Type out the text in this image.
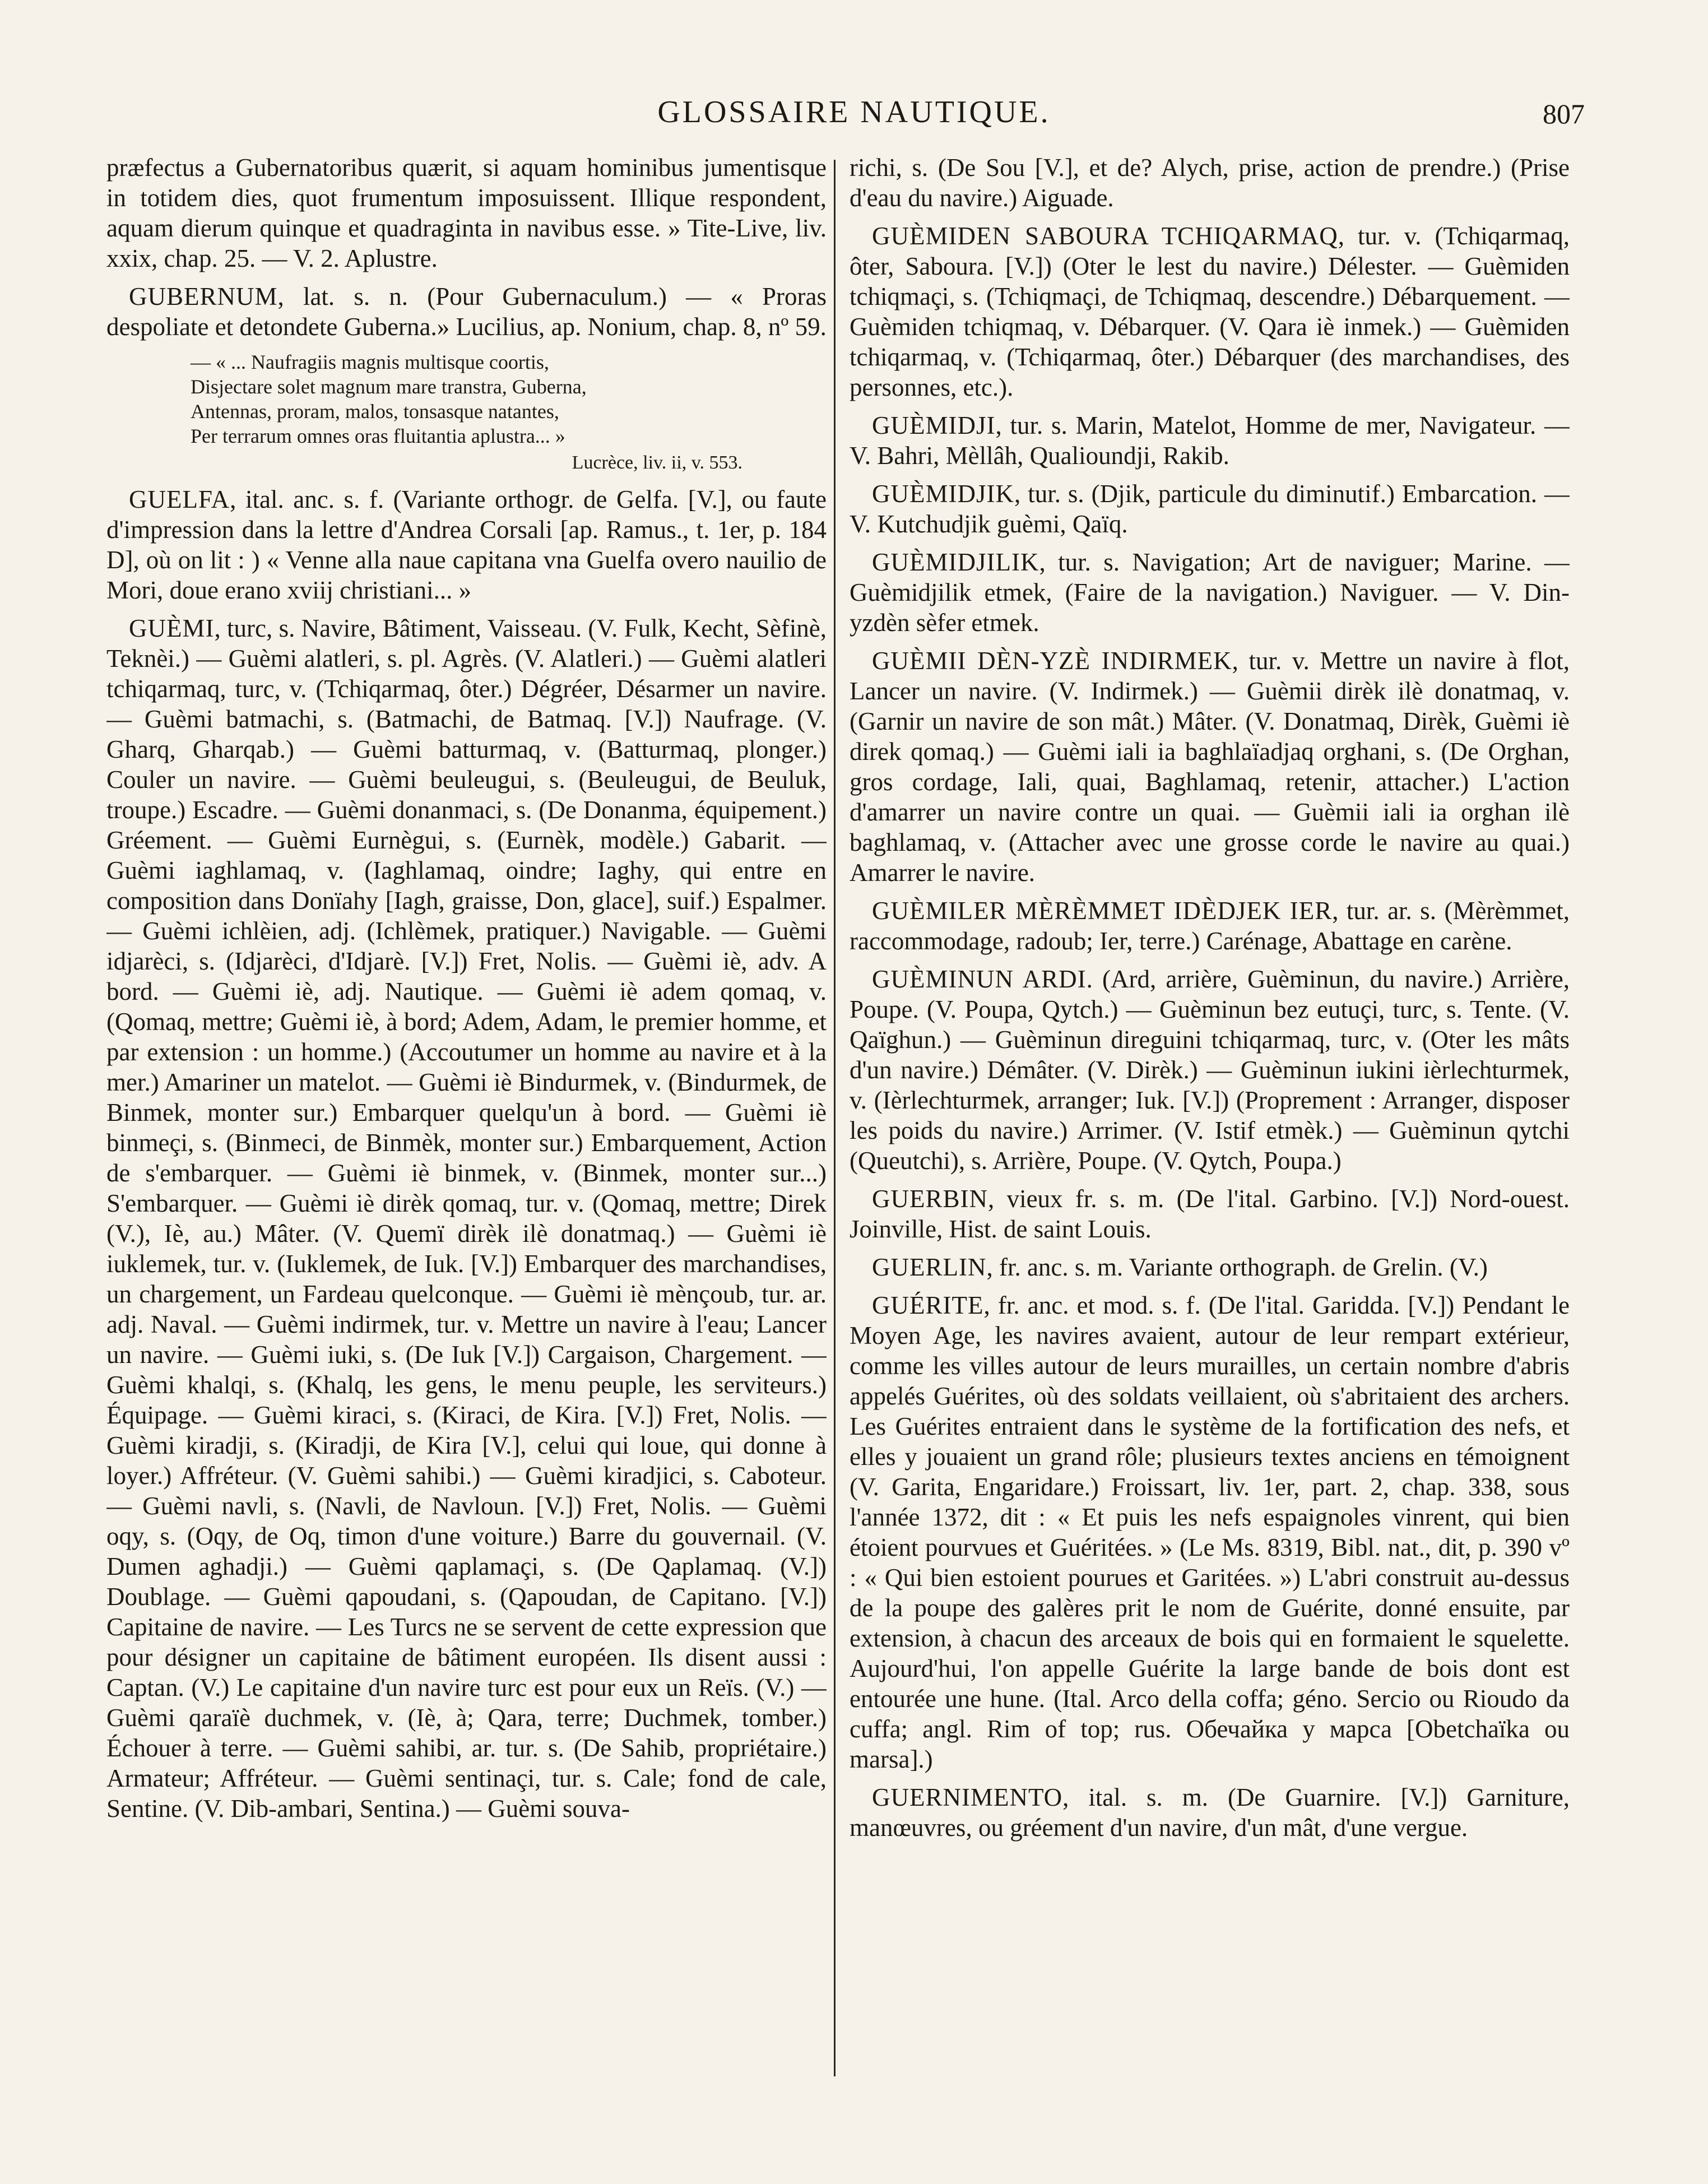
GLOSSAIRE NAUTIQUE.	807

præfectus a Gubernatoribus quærit, si aquam hominibus jumentisque in totidem dies, quot frumentum imposuissent. Illique respondent, aquam dierum quinque et quadraginta in navibus esse. » Tite-Live, liv. xxix, chap. 25. — V. 2. Aplustre.

GUBERNUM, lat. s. n. (Pour Gubernaculum.) — « Proras despoliate et detondete Guberna.» Lucilius, ap. Nonium, chap. 8, nº 59.

— « ... Naufragiis magnis multisque coortis,
Disjectare solet magnum mare transtra, Guberna,
Antennas, proram, malos, tonsasque natantes,
Per terrarum omnes oras fluitantia aplustra... »
Lucrèce, liv. ii, v. 553.

GUELFA, ital. anc. s. f. (Variante orthogr. de Gelfa. [V.], ou faute d'impression dans la lettre d'Andrea Corsali [ap. Ramus., t. 1er, p. 184 D], où on lit : ) « Venne alla naue capitana vna Guelfa overo nauilio de Mori, doue erano xviij christiani... »

GUÈMI, turc, s. Navire, Bâtiment, Vaisseau. (V. Fulk, Kecht, Sèfinè, Teknèi.) — Guèmi alatleri, s. pl. Agrès. (V. Alatleri.) — Guèmi alatleri tchiqarmaq, turc, v. (Tchiqarmaq, ôter.) Dégréer, Désarmer un navire. — Guèmi batmachi, s. (Batmachi, de Batmaq. [V.]) Naufrage. (V. Gharq, Gharqab.) — Guèmi batturmaq, v. (Batturmaq, plonger.) Couler un navire. — Guèmi beuleugui, s. (Beuleugui, de Beuluk, troupe.) Escadre. — Guèmi donanmaci, s. (De Donanma, équipement.) Gréement. — Guèmi Eurnègui, s. (Eurnèk, modèle.) Gabarit. — Guèmi iaghlamaq, v. (Iaghlamaq, oindre; Iaghy, qui entre en composition dans Donïahy [Iagh, graisse, Don, glace], suif.) Espalmer. — Guèmi ichlèien, adj. (Ichlèmek, pratiquer.) Navigable. — Guèmi idjarèci, s. (Idjarèci, d'Idjarè. [V.]) Fret, Nolis. — Guèmi iè, adv. A bord. — Guèmi iè, adj. Nautique. — Guèmi iè adem qomaq, v. (Qomaq, mettre; Guèmi iè, à bord; Adem, Adam, le premier homme, et par extension : un homme.) (Accoutumer un homme au navire et à la mer.) Amariner un matelot. — Guèmi iè Bindurmek, v. (Bindurmek, de Binmek, monter sur.) Embarquer quelqu'un à bord. — Guèmi iè binmeçi, s. (Binmeci, de Binmèk, monter sur.) Embarquement, Action de s'embarquer. — Guèmi iè binmek, v. (Binmek, monter sur...) S'embarquer. — Guèmi iè dirèk qomaq, tur. v. (Qomaq, mettre; Direk (V.), Iè, au.) Mâter. (V. Quemï dirèk ilè donatmaq.) — Guèmi iè iuklemek, tur. v. (Iuklemek, de Iuk. [V.]) Embarquer des marchandises, un chargement, un Fardeau quelconque. — Guèmi iè mènçoub, tur. ar. adj. Naval. — Guèmi indirmek, tur. v. Mettre un navire à l'eau; Lancer un navire. — Guèmi iuki, s. (De Iuk [V.]) Cargaison, Chargement. — Guèmi khalqi, s. (Khalq, les gens, le menu peuple, les serviteurs.) Équipage. — Guèmi kiraci, s. (Kiraci, de Kira. [V.]) Fret, Nolis. — Guèmi kiradji, s. (Kiradji, de Kira [V.], celui qui loue, qui donne à loyer.) Affréteur. (V. Guèmi sahibi.) — Guèmi kiradjici, s. Caboteur. — Guèmi navli, s. (Navli, de Navloun. [V.]) Fret, Nolis. — Guèmi oqy, s. (Oqy, de Oq, timon d'une voiture.) Barre du gouvernail. (V. Dumen aghadji.) — Guèmi qaplamaçi, s. (De Qaplamaq. (V.]) Doublage. — Guèmi qapoudani, s. (Qapoudan, de Capitano. [V.]) Capitaine de navire. — Les Turcs ne se servent de cette expression que pour désigner un capitaine de bâtiment européen. Ils disent aussi : Captan. (V.) Le capitaine d'un navire turc est pour eux un Reïs. (V.) — Guèmi qaraïè duchmek, v. (Iè, à; Qara, terre; Duchmek, tomber.) Échouer à terre. — Guèmi sahibi, ar. tur. s. (De Sahib, propriétaire.) Armateur; Affréteur. — Guèmi sentinaçi, tur. s. Cale; fond de cale, Sentine. (V. Dib-ambari, Sentina.) — Guèmi souva-

richi, s. (De Sou [V.], et de? Alych, prise, action de prendre.) (Prise d'eau du navire.) Aiguade.

GUÈMIDEN SABOURA TCHIQARMAQ, tur. v. (Tchiqarmaq, ôter, Saboura. [V.]) (Oter le lest du navire.) Délester. — Guèmiden tchiqmaçi, s. (Tchiqmaçi, de Tchiqmaq, descendre.) Débarquement. — Guèmiden tchiqmaq, v. Débarquer. (V. Qara iè inmek.) — Guèmiden tchiqarmaq, v. (Tchiqarmaq, ôter.) Débarquer (des marchandises, des personnes, etc.).

GUÈMIDJI, tur. s. Marin, Matelot, Homme de mer, Navigateur. — V. Bahri, Mèllâh, Qualioundji, Rakib.

GUÈMIDJIK, tur. s. (Djik, particule du diminutif.) Embarcation. — V. Kutchudjik guèmi, Qaïq.

GUÈMIDJILIK, tur. s. Navigation; Art de naviguer; Marine. — Guèmidjilik etmek, (Faire de la navigation.) Naviguer. — V. Din-yzdèn sèfer etmek.

GUÈMII DÈN-YZÈ INDIRMEK, tur. v. Mettre un navire à flot, Lancer un navire. (V. Indirmek.) — Guèmii dirèk ilè donatmaq, v. (Garnir un navire de son mât.) Mâter. (V. Donatmaq, Dirèk, Guèmi iè direk qomaq.) — Guèmi iali ia baghlaïadjaq orghani, s. (De Orghan, gros cordage, Iali, quai, Baghlamaq, retenir, attacher.) L'action d'amarrer un navire contre un quai. — Guèmii iali ia orghan ilè baghlamaq, v. (Attacher avec une grosse corde le navire au quai.) Amarrer le navire.

GUÈMILER MÈRÈMMET IDÈDJEK IER, tur. ar. s. (Mèrèmmet, raccommodage, radoub; Ier, terre.) Carénage, Abattage en carène.

GUÈMINUN ARDI. (Ard, arrière, Guèminun, du navire.) Arrière, Poupe. (V. Poupa, Qytch.) — Guèminun bez eutuçi, turc, s. Tente. (V. Qaïghun.) — Guèminun direguini tchiqarmaq, turc, v. (Oter les mâts d'un navire.) Démâter. (V. Dirèk.) — Guèminun iukini ièrlechturmek, v. (Ièrlechturmek, arranger; Iuk. [V.]) (Proprement : Arranger, disposer les poids du navire.) Arrimer. (V. Istif etmèk.) — Guèminun qytchi (Queutchi), s. Arrière, Poupe. (V. Qytch, Poupa.)

GUERBIN, vieux fr. s. m. (De l'ital. Garbino. [V.]) Nord-ouest. Joinville, Hist. de saint Louis.

GUERLIN, fr. anc. s. m. Variante orthograph. de Grelin. (V.)

GUÉRITE, fr. anc. et mod. s. f. (De l'ital. Garidda. [V.]) Pendant le Moyen Age, les navires avaient, autour de leur rempart extérieur, comme les villes autour de leurs murailles, un certain nombre d'abris appelés Guérites, où des soldats veillaient, où s'abritaient des archers. Les Guérites entraient dans le système de la fortification des nefs, et elles y jouaient un grand rôle; plusieurs textes anciens en témoignent (V. Garita, Engaridare.) Froissart, liv. 1er, part. 2, chap. 338, sous l'année 1372, dit : « Et puis les nefs espaignoles vinrent, qui bien étoient pourvues et Guéritées. » (Le Ms. 8319, Bibl. nat., dit, p. 390 vº : « Qui bien estoient pourues et Garitées. ») L'abri construit au-dessus de la poupe des galères prit le nom de Guérite, donné ensuite, par extension, à chacun des arceaux de bois qui en formaient le squelette. Aujourd'hui, l'on appelle Guérite la large bande de bois dont est entourée une hune. (Ital. Arco della coffa; géno. Sercio ou Rioudo da cuffa; angl. Rim of top; rus. Обечайка у марса [Obetchaïka ou marsa].)

GUERNIMENTO, ital. s. m. (De Guarnire. [V.]) Garniture, manœuvres, ou gréement d'un navire, d'un mât, d'une vergue.
